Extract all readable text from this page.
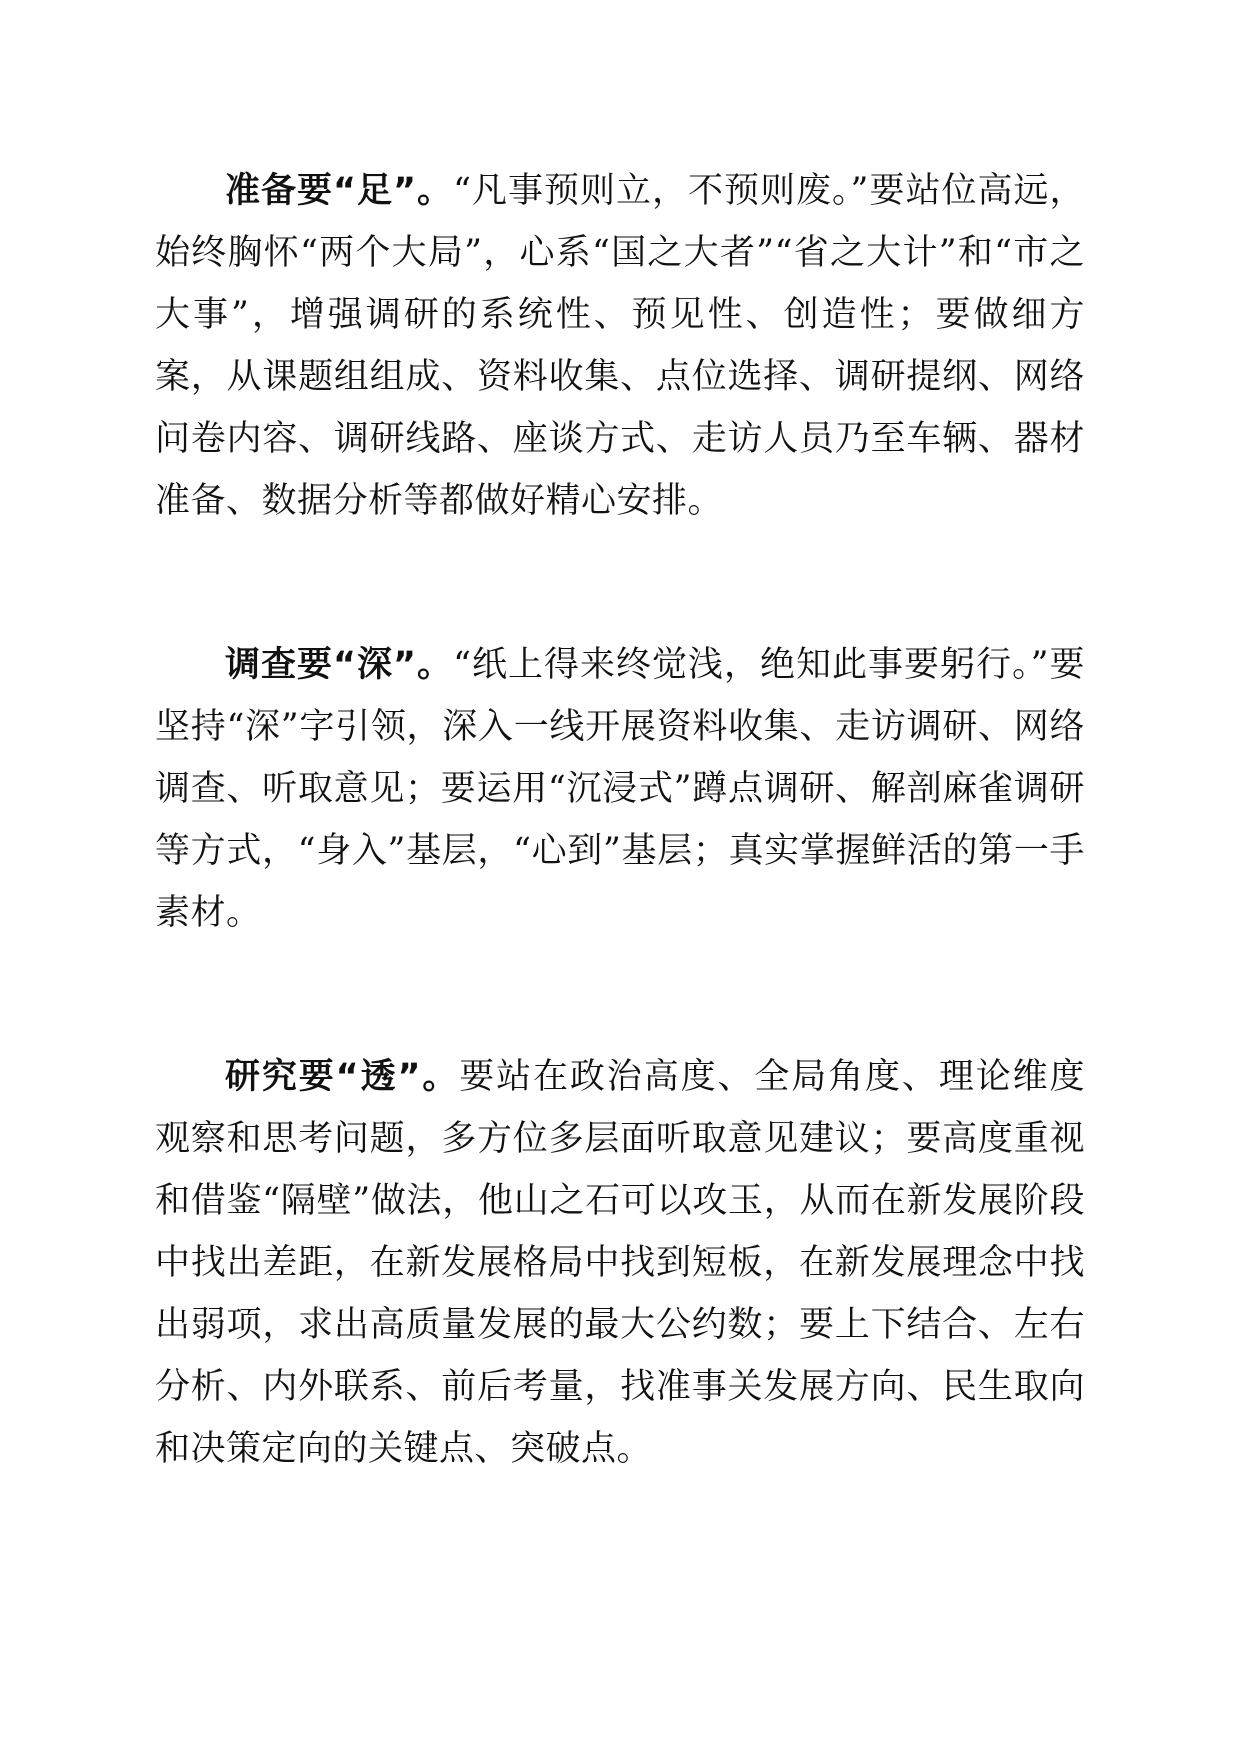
准备要“足”。“凡事预则立，不预则废。”要站位高远，始终胸怀“两个大局”，心系“国之大者”“省之大计”和“市之大事”，增强调研的系统性、预见性、创造性；要做细方案，从课题组组成、资料收集、点位选择、调研提纲、网络问卷内容、调研线路、座谈方式、走访人员乃至车辆、器材准备、数据分析等都做好精心安排。

调查要“深”。“纸上得来终觉浅，绝知此事要躬行。”要坚持“深”字引领，深入一线开展资料收集、走访调研、网络调查、听取意见；要运用“沉浸式”蹲点调研、解剖麻雀调研等方式，“身入”基层，“心到”基层；真实掌握鲜活的第一手素材。

研究要“透”。要站在政治高度、全局角度、理论维度观察和思考问题，多方位多层面听取意见建议；要高度重视和借鉴“隔壁”做法，他山之石可以攻玉，从而在新发展阶段中找出差距，在新发展格局中找到短板，在新发展理念中找出弱项，求出高质量发展的最大公约数；要上下结合、左右分析、内外联系、前后考量，找准事关发展方向、民生取向和决策定向的关键点、突破点。
